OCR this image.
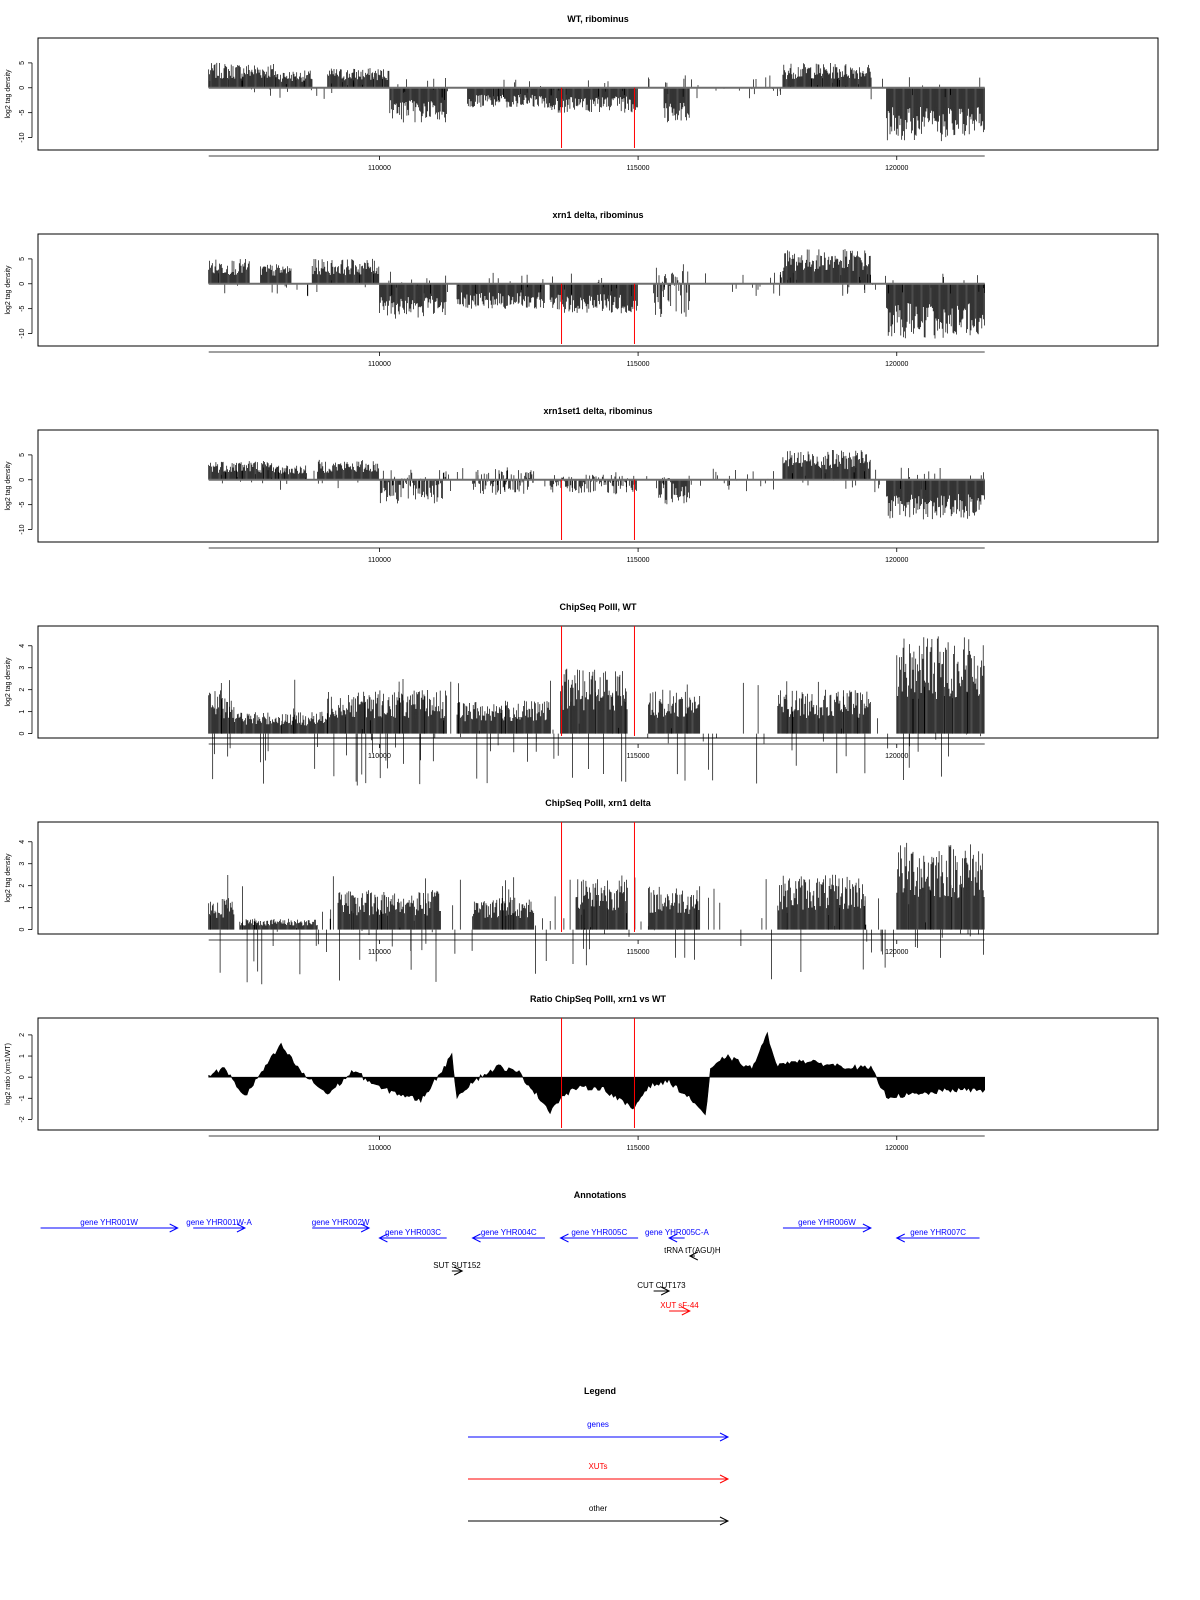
WT, ribominus
5
0
-5
-10
log2 tag density
110000	115000	120000
xrn1 delta, ribominus
5
0
-5
-10
log2 tag density
110000	115000	120000
xrn1set1 delta, ribominus
5
0
-5
-10
log2 tag density
110000	115000	120000
ChipSeq PolII, WT
0
1
2
3
4
log2 tag density
110000	115000	120000
ChipSeq PolII, xrn1 delta
0
1
2
3
4
log2 tag density
110000	115000	120000
Ratio ChipSeq PolII, xrn1 vs WT
-2
-1
0
1
2
log2 ratio (xrn1/WT)
110000	115000	120000
Annotations
gene YHR001W	gene YHR001W-A	gene YHR002W
gene YHR003C	gene YHR004C	gene YHR005C gene YHR005C-A
gene YHR006W
gene YHR007C
tRNA tT(AGU)H
SUT SUT152
CUT CUT173
XUT sF-44
Legend
genes
XUTs
other
